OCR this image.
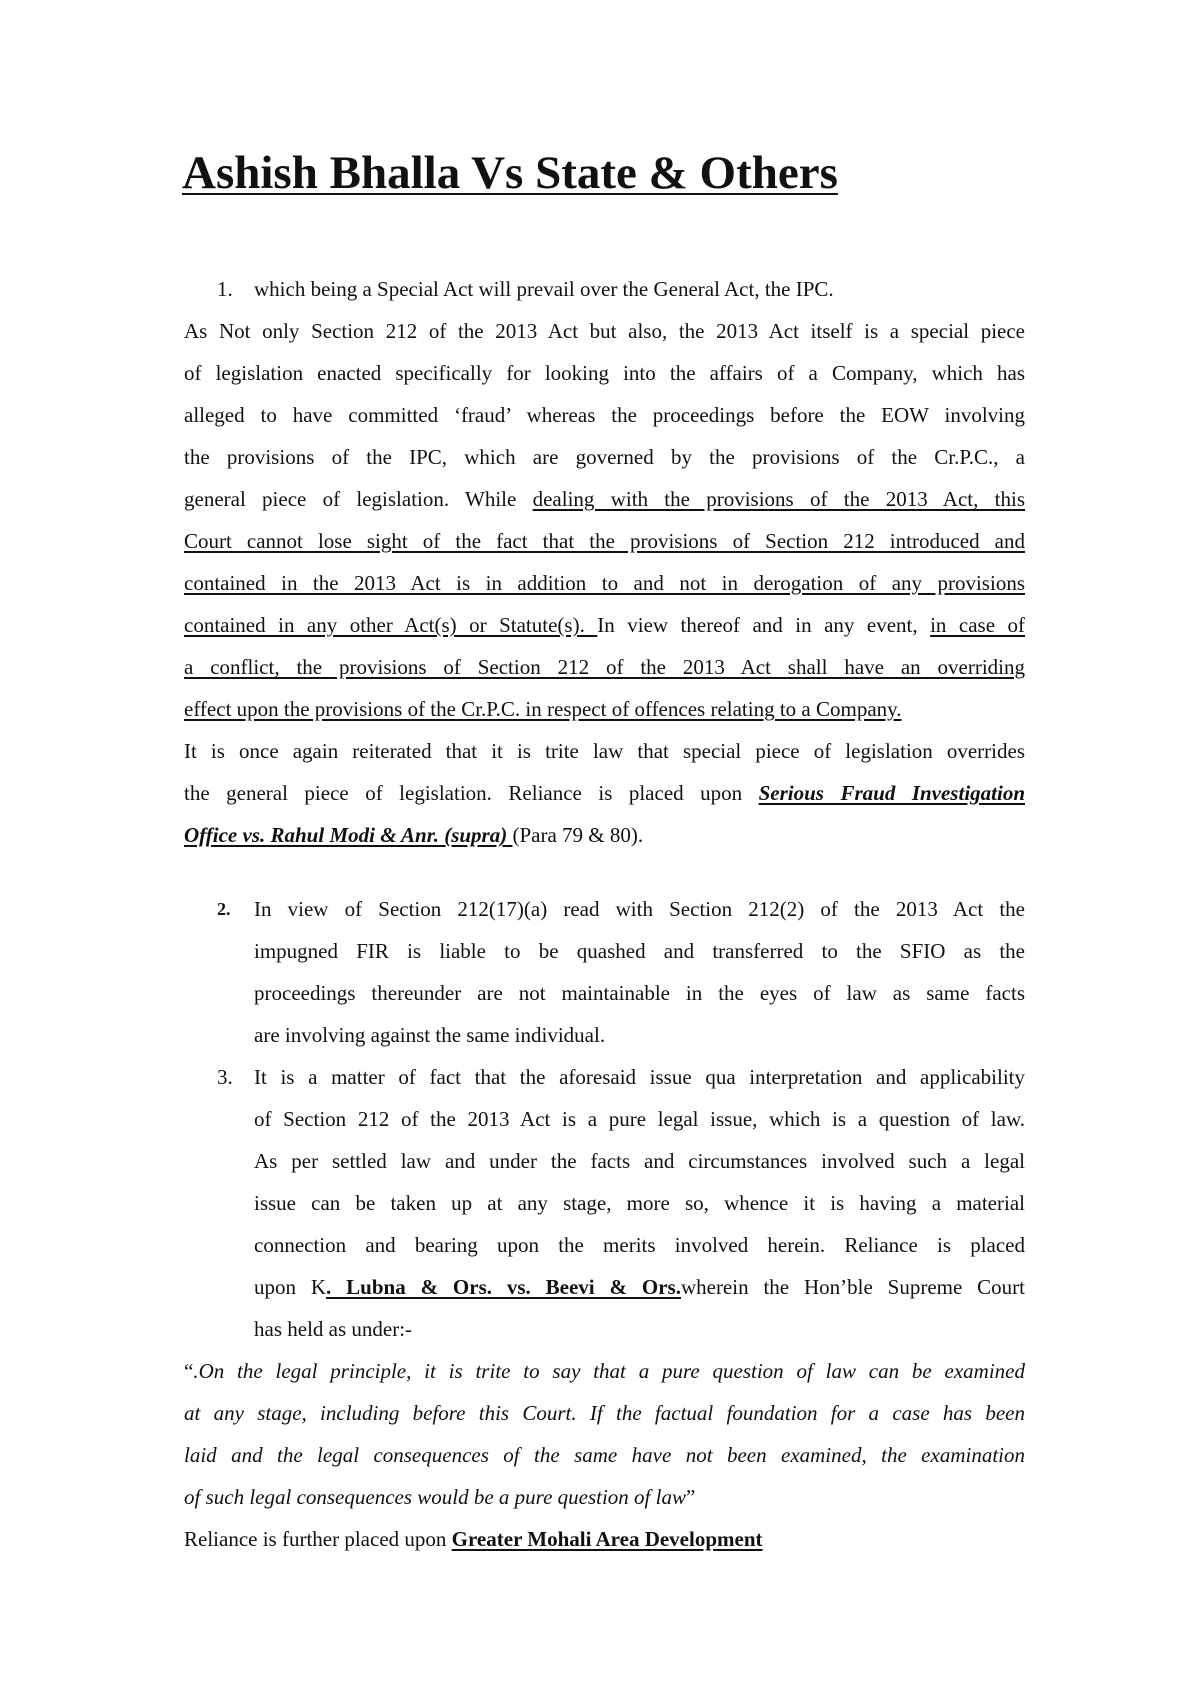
Ashish Bhalla Vs State & Others
1. which being a Special Act will prevail over the General Act, the IPC.
As Not only Section 212 of the 2013 Act but also, the 2013 Act itself is a special piece
of legislation enacted specifically for looking into the affairs of a Company, which has
alleged to have committed ‘fraud’ whereas the proceedings before the EOW involving
the provisions of the IPC, which are governed by the provisions of the Cr.P.C., a
general piece of legislation. While dealing with the provisions of the 2013 Act, this
Court cannot lose sight of the fact that the provisions of Section 212 introduced and
contained in the 2013 Act is in addition to and not in derogation of any provisions
contained in any other Act(s) or Statute(s). In view thereof and in any event, in case of
a conflict, the provisions of Section 212 of the 2013 Act shall have an overriding
effect upon the provisions of the Cr.P.C. in respect of offences relating to a Company.
It is once again reiterated that it is trite law that special piece of legislation overrides
the general piece of legislation. Reliance is placed upon Serious Fraud Investigation
Office vs. Rahul Modi & Anr. (supra) (Para 79 & 80).
2. In view of Section 212(17)(a) read with Section 212(2) of the 2013 Act the
impugned FIR is liable to be quashed and transferred to the SFIO as the
proceedings thereunder are not maintainable in the eyes of law as same facts
are involving against the same individual.
3. It is a matter of fact that the aforesaid issue qua interpretation and applicability
of Section 212 of the 2013 Act is a pure legal issue, which is a question of law.
As per settled law and under the facts and circumstances involved such a legal
issue can be taken up at any stage, more so, whence it is having a material
connection and bearing upon the merits involved herein. Reliance is placed
upon K. Lubna & Ors. vs. Beevi & Ors.wherein the Hon’ble Supreme Court
has held as under:-
“.On the legal principle, it is trite to say that a pure question of law can be examined
at any stage, including before this Court. If the factual foundation for a case has been
laid and the legal consequences of the same have not been examined, the examination
of such legal consequences would be a pure question of law”
Reliance is further placed upon Greater Mohali Area Development
